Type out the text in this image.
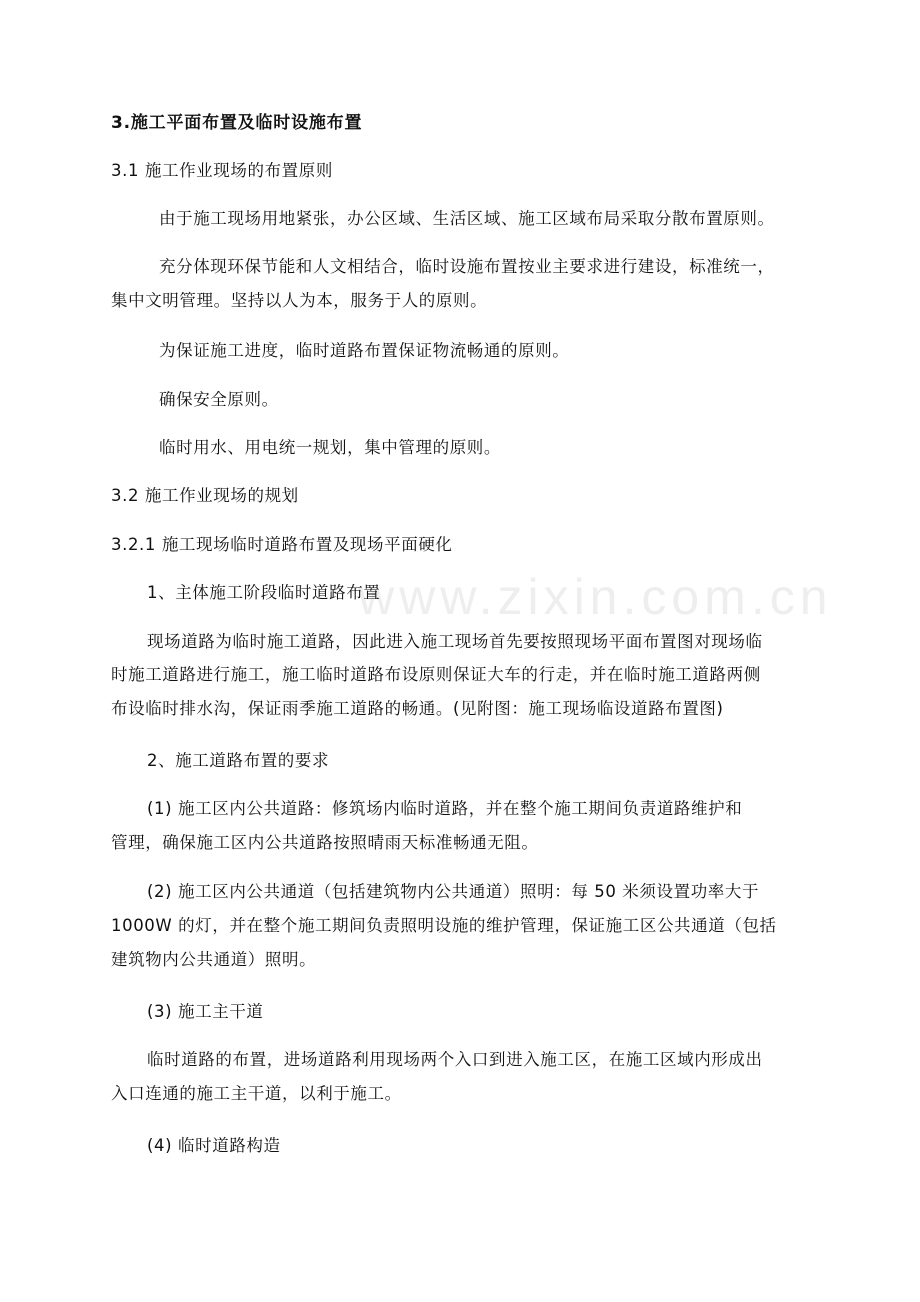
www.zixin.com.cn
3.施工平面布置及临时设施布置
3.1 施工作业现场的布置原则
由于施工现场用地紧张，办公区域、生活区域、施工区域布局采取分散布置原则。
充分体现环保节能和人文相结合，临时设施布置按业主要求进行建设，标准统一，
集中文明管理。坚持以人为本，服务于人的原则。
为保证施工进度，临时道路布置保证物流畅通的原则。
确保安全原则。
临时用水、用电统一规划，集中管理的原则。
3.2 施工作业现场的规划
3.2.1 施工现场临时道路布置及现场平面硬化
1、主体施工阶段临时道路布置
现场道路为临时施工道路，因此进入施工现场首先要按照现场平面布置图对现场临
时施工道路进行施工，施工临时道路布设原则保证大车的行走，并在临时施工道路两侧
布设临时排水沟，保证雨季施工道路的畅通。(见附图：施工现场临设道路布置图)
2、施工道路布置的要求
(1) 施工区内公共道路：修筑场内临时道路，并在整个施工期间负责道路维护和
管理，确保施工区内公共道路按照晴雨天标准畅通无阻。
(2) 施工区内公共通道（包括建筑物内公共通道）照明：每 50 米须设置功率大于
1000W 的灯，并在整个施工期间负责照明设施的维护管理，保证施工区公共通道（包括
建筑物内公共通道）照明。
(3) 施工主干道
临时道路的布置，进场道路利用现场两个入口到进入施工区，在施工区域内形成出
入口连通的施工主干道，以利于施工。
(4) 临时道路构造
